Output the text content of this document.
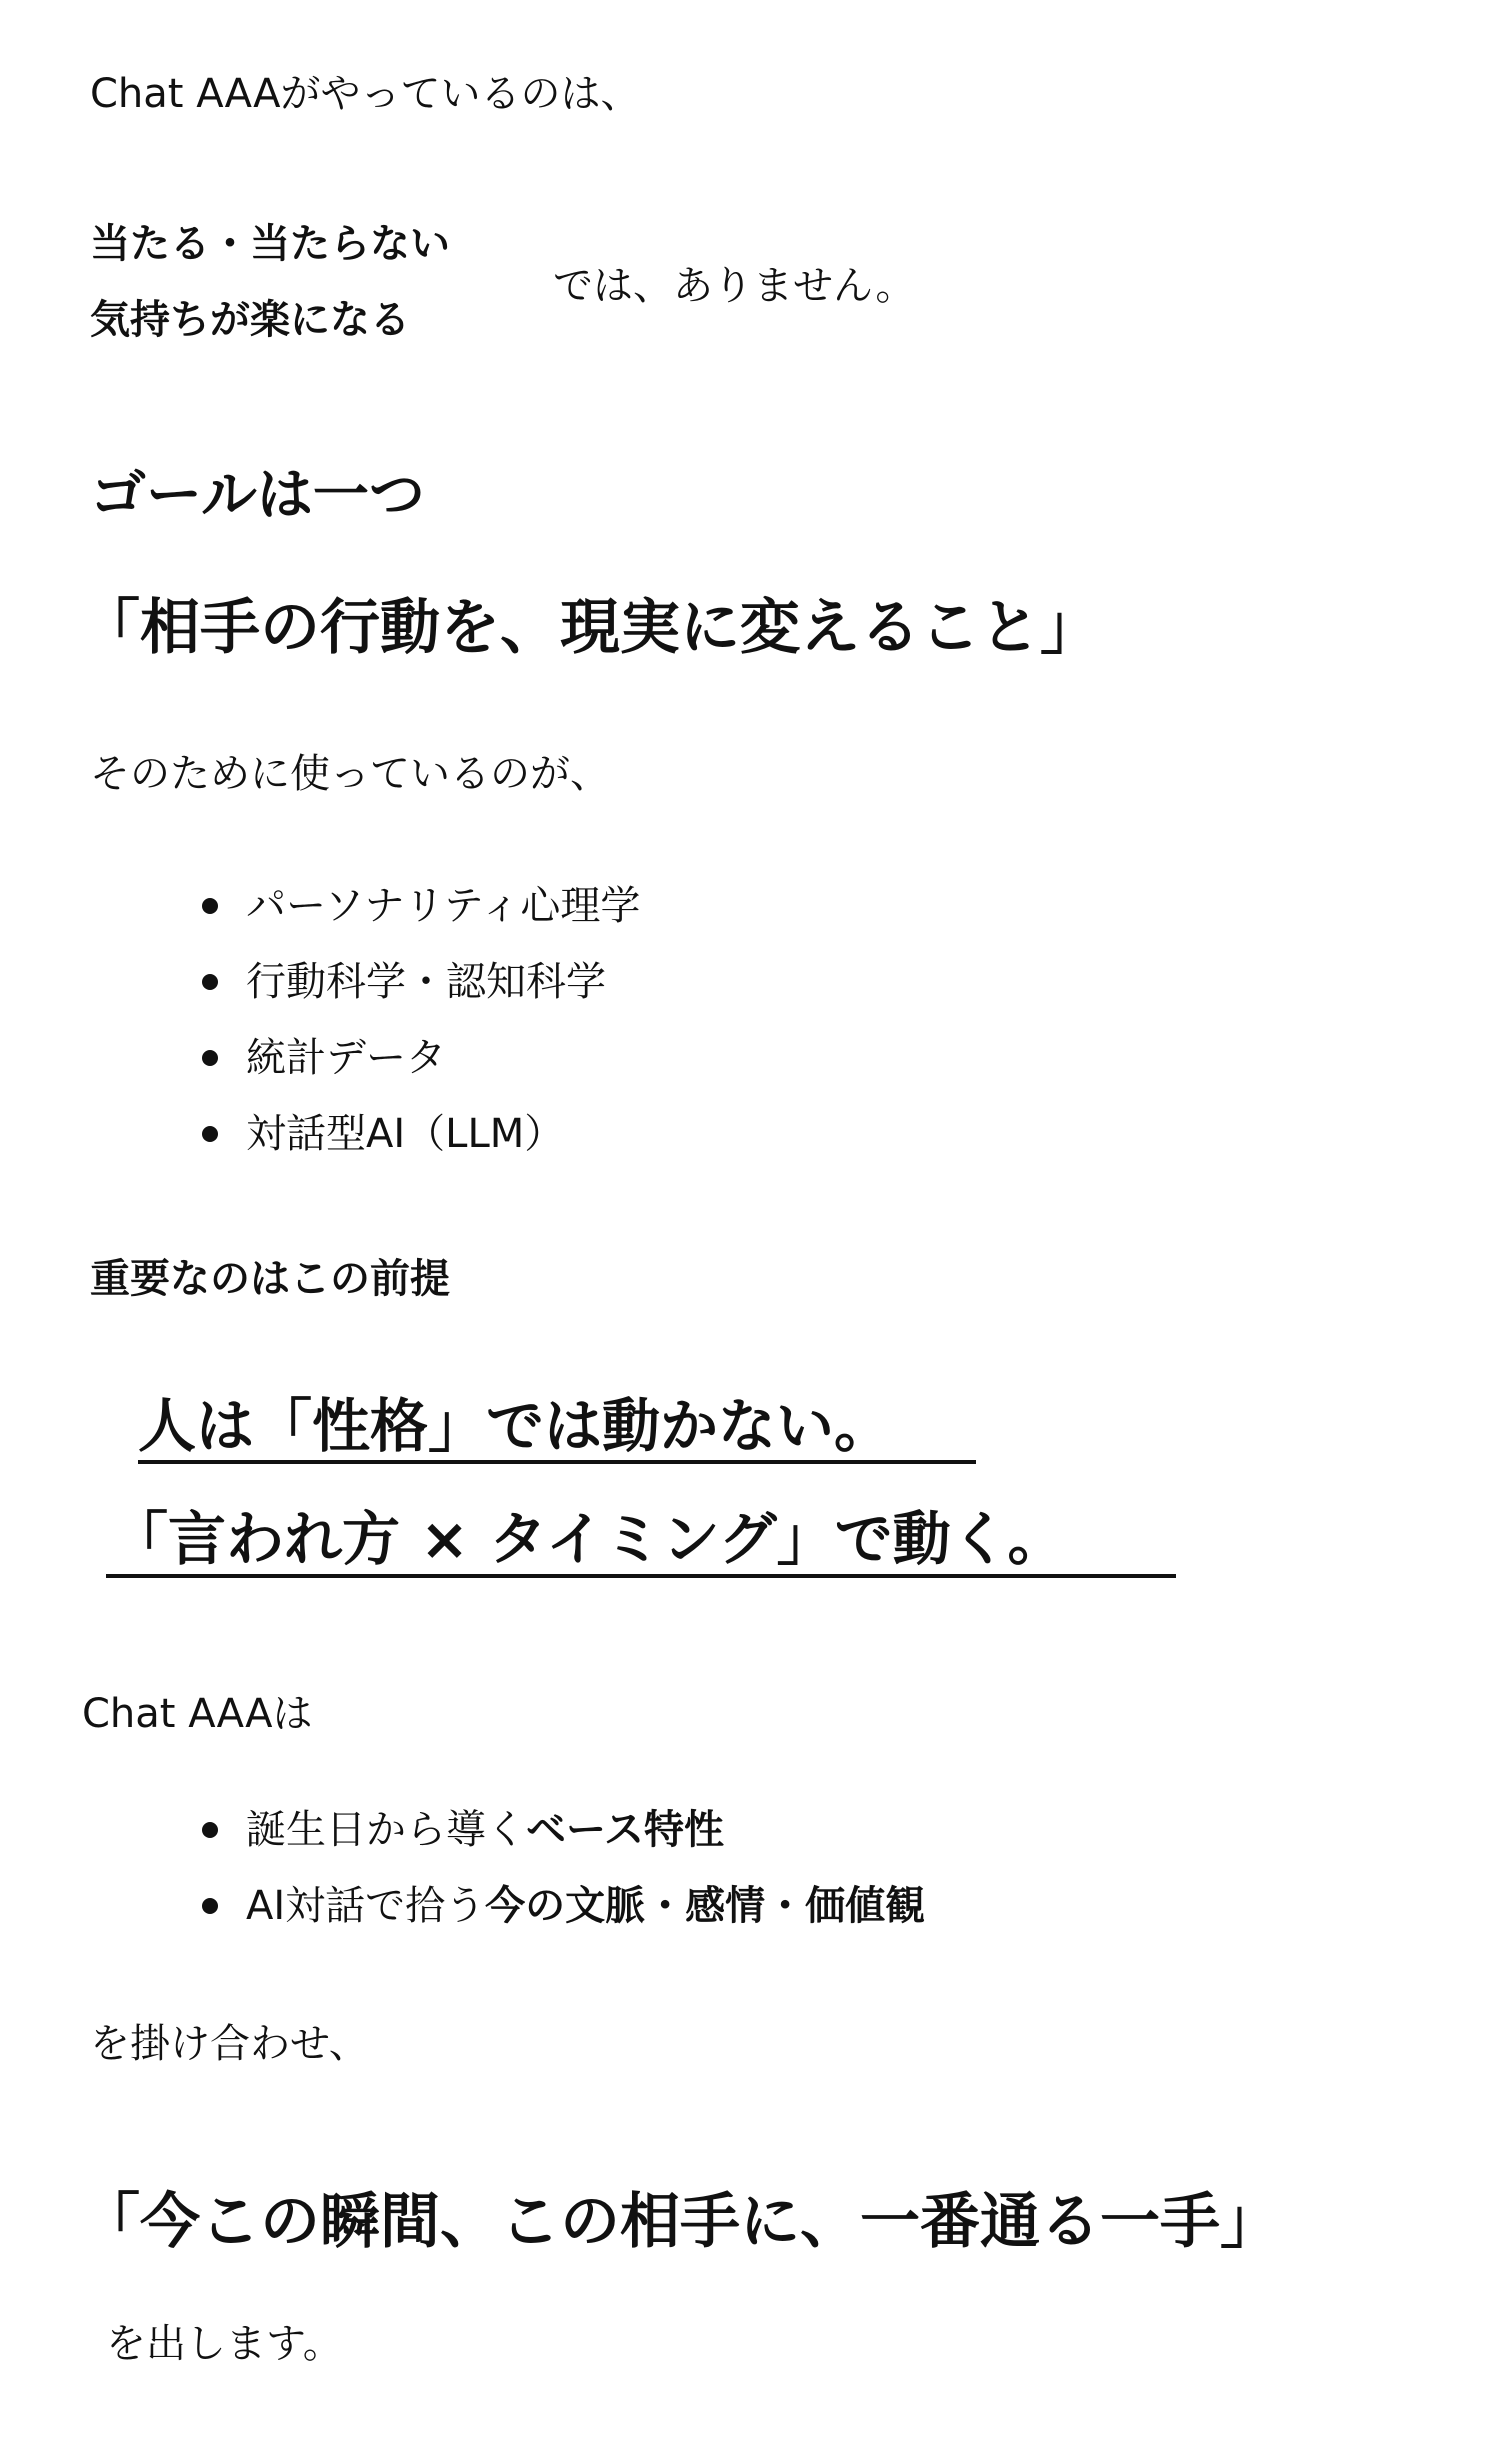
Chat AAAがやっているのは、

当たる・当たらない

気持ちが楽になる

では、ありません。

ゴールは一つ

「相手の行動を、現実に変えること」

そのために使っているのが、

パーソナリティ心理学
行動科学・認知科学
統計データ
対話型AI（LLM）

重要なのはこの前提

人は「性格」では動かない。

「言われ方 × タイミング」で動く。

Chat AAAは

誕生日から導くベース特性
AI対話で拾う今の文脈・感情・価値観

を掛け合わせ、

「今この瞬間、この相手に、一番通る一手」

を出します。
